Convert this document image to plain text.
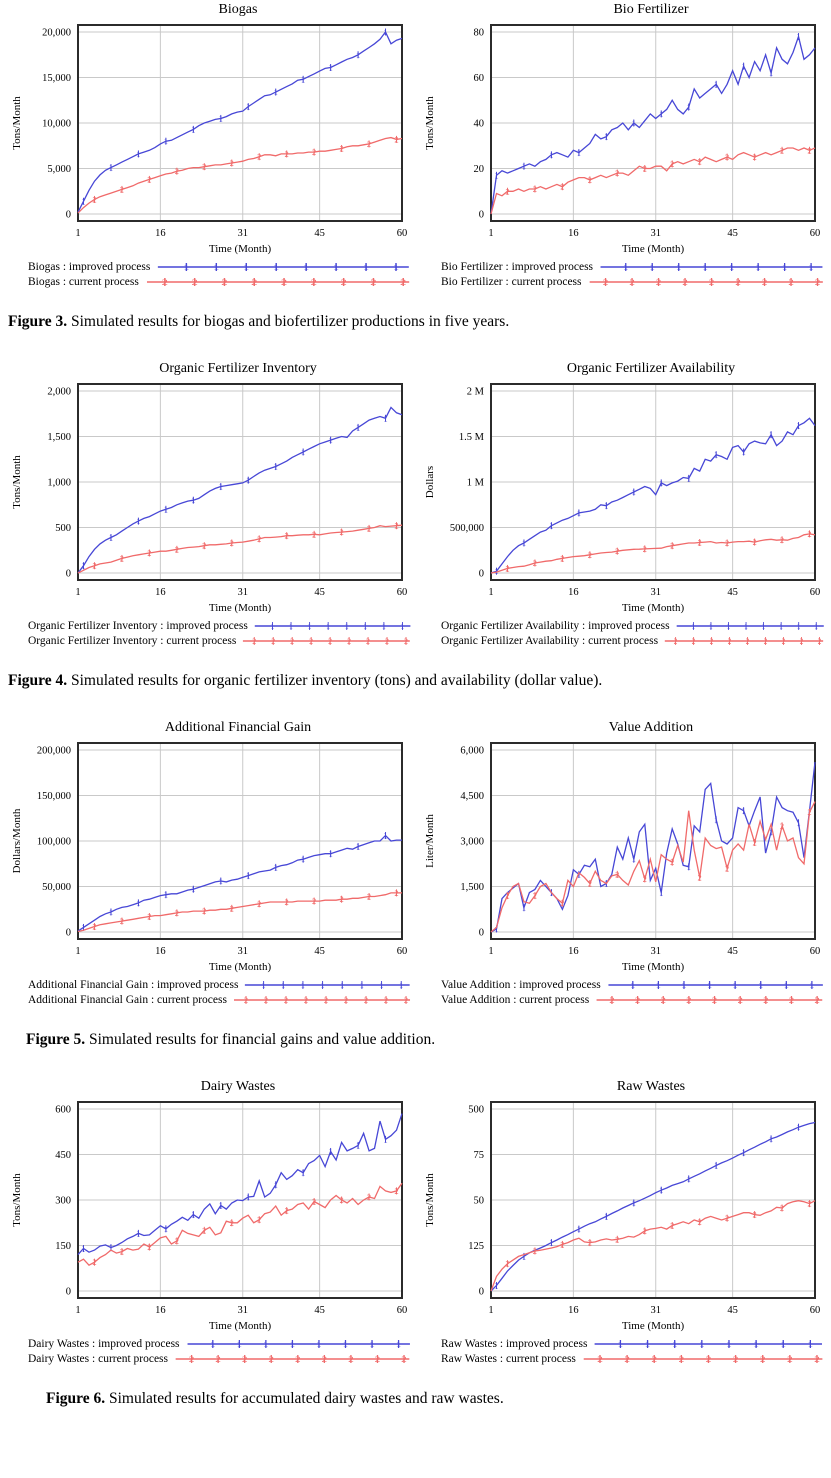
Biogas
0
5,000
10,000
15,000
20,000
Tons/Month
1	16	31	45	60
Time (Month)
1
1
1
1
1
1
1
1
1
1
1
1
2
2
2
2	2	2
2	2	2	2	2	2
Biogas : improved process	1	1	1	1	1	1	1	1
Biogas : current process	2	2	2	2	2	2	2	2	2
Bio Fertilizer
0
20
40
60
80
Tons/Month
1	16	31	45	60
Time (Month)
1
1
1	1
1
1
1
1
1
1
1
1
2	2	2
2
2	2	2	2	2	2
2	2
Bio Fertilizer : improved process	1 1 1 1 1 1 1 1
Bio Fertilizer : current process 2 2 2 2 2 2 2 2 2

Figure 3. Simulated results for biogas and biofertilizer productions in five years.

Organic Fertilizer Inventory
0
500
1,000
1,500
2,000
Tons/Month
1	16	31	45	60
Time (Month)
1
1
1
1
1
1
1
1
1
1
1
1
2
2
2	2	2	2	2	2	2	2	2	2
Organic Fertilizer Inventory : improved process	1 1 1 1 1 1 1 1
Organic Fertilizer Inventory : current process 2 2 2 2 2 2 2 2 2
Organic Fertilizer Availability
0
500,000
1 M
1.5 M
2 M
Dollars
1	16	31	45	60
Time (Month)
1
1
1
1
1
1
1	1
1	1
1
1
2
2	2	2	2	2	2	2	2	2	2
2
Organic Fertilizer Availability : improved process	1 1 1 1 1 1 1 1
Organic Fertilizer Availability : current process 2 2 2 2 2 2 2 2 2

Figure 4. Simulated results for organic fertilizer inventory (tons) and availability (dollar value).

Additional Financial Gain
0
50,000
100,000
150,000
200,000
Dollars/Month
1	16	31	45	60
Time (Month)
1
1
1
1
1
1
1
1
1
1
1
1
2
2	2	2	2	2	2	2	2	2	2	2
Additional Financial Gain : improved process	1 1 1 1 1 1 1 1
Additional Financial Gain : current process 2 2 2 2 2 2 2 2 2
Value Addition
0
1,500
3,000
4,500
6,000
Liter/Month
1	16	31	45	60
Time (Month)
1
1
1
1
1
1
1
1
1
1
1
1
2	2
2
2
2	2
2
2
2
2
2
2
Value Addition : improved process	1 1 1 1 1 1 1 1
Value Addition : current process 2 2 2 2 2 2 2 2 2

Figure 5. Simulated results for financial gains and value addition.

Dairy Wastes
0
150
300
450
600
Tons/Month
1	16	31	45	60
Time (Month)
1	1
1	1
1
1
1
1
1
1
1
1
2
2	2
2
2
2	2
2
2	2	2
2
Dairy Wastes : improved process	1 1 1 1 1 1 1 1
Dairy Wastes : current process 2 2 2 2 2 2 2 2 2
Raw Wastes
0
125
50
75
500
Tons/Month
1	16	31	45	60
Time (Month)
1
1
1
1
1
1
1
1
1
1
1
1
2
2
2	2	2
2
2	2	2	2
2	2
Raw Wastes : improved process	1	1	1	1	1	1	1	1
Raw Wastes : current process 2	2	2	2	2	2	2	2	2

Figure 6. Simulated results for accumulated dairy wastes and raw wastes.
